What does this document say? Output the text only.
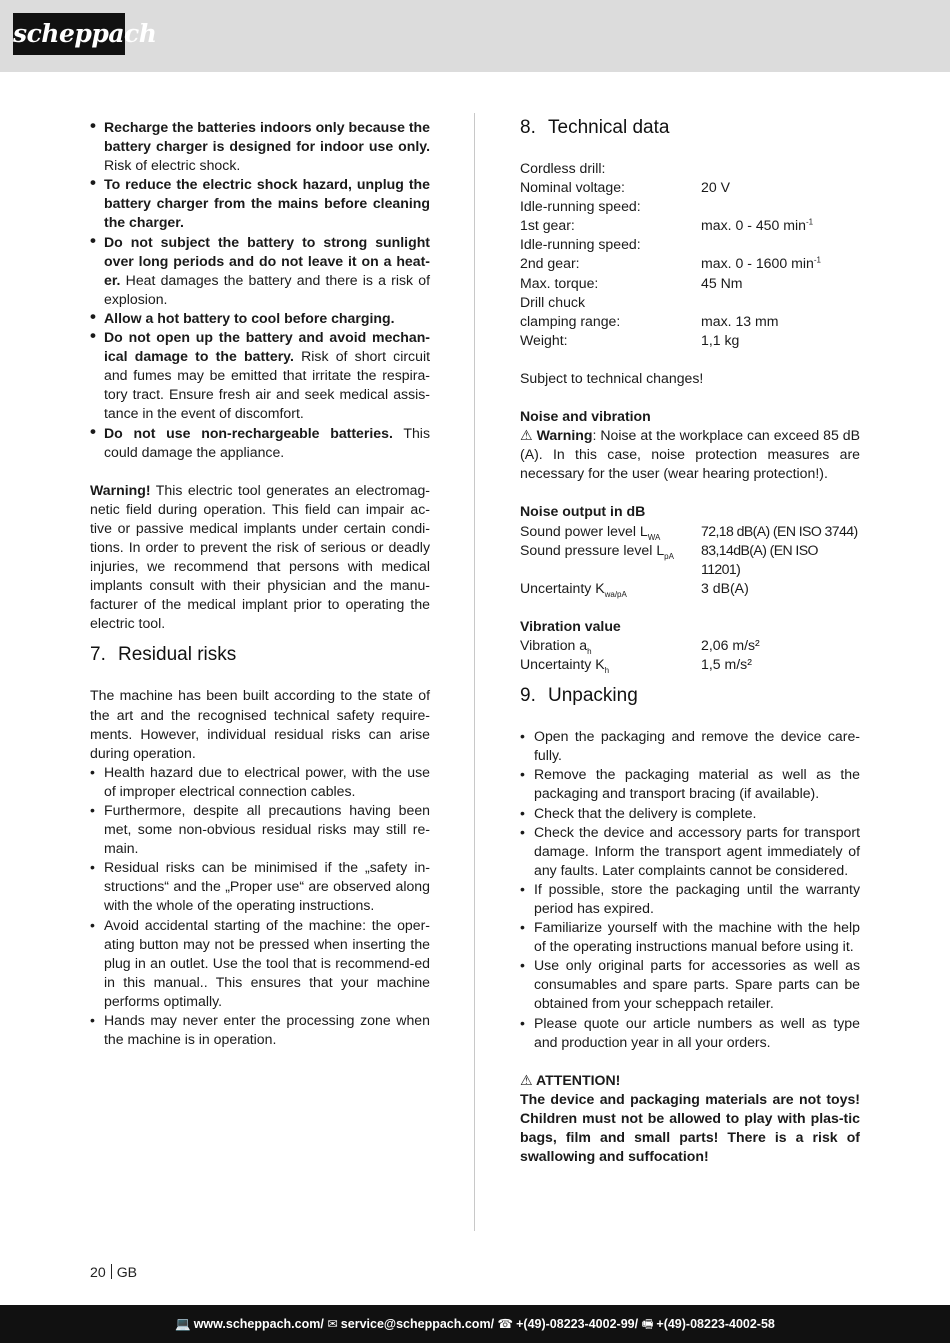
scheppach
• Recharge the batteries indoors only because the battery charger is designed for indoor use only. Risk of electric shock.
• To reduce the electric shock hazard, unplug the battery charger from the mains before cleaning the charger.
• Do not subject the battery to strong sunlight over long periods and do not leave it on a heat-er. Heat damages the battery and there is a risk of explosion.
• Allow a hot battery to cool before charging.
• Do not open up the battery and avoid mechan-ical damage to the battery. Risk of short circuit and fumes may be emitted that irritate the respira-tory tract. Ensure fresh air and seek medical assis-tance in the event of discomfort.
• Do not use non-rechargeable batteries. This could damage the appliance.

Warning! This electric tool generates an electromag-netic field during operation. This field can impair ac-tive or passive medical implants under certain condi-tions. In order to prevent the risk of serious or deadly injuries, we recommend that persons with medical implants consult with their physician and the manu-facturer of the medical implant prior to operating the electric tool.

7. Residual risks

The machine has been built according to the state of the art and the recognised technical safety require-ments. However, individual residual risks can arise during operation.

• Health hazard due to electrical power, with the use of improper electrical connection cables.
• Furthermore, despite all precautions having been met, some non-obvious residual risks may still re-main.
• Residual risks can be minimised if the „safety in-structions“ and the „Proper use“ are observed along with the whole of the operating instructions.
• Avoid accidental starting of the machine: the oper-ating button may not be pressed when inserting the plug in an outlet. Use the tool that is recommend-ed in this manual.. This ensures that your machine performs optimally.
• Hands may never enter the processing zone when the machine is in operation.
8. Technical data
Cordless drill:	
Nominal voltage:	20 V
Idle-running speed:	
1st gear:	max. 0 - 450 $\min^{-1}$
Idle-running speed:	
2nd gear:	max. 0 - 1600 $\min^{-1}$
Max. torque:	45 Nm
Drill chuck	
clamping range:	max. 13 mm
Weight:	1,1 kg

Subject to technical changes!

Noise and vibration

⚠ Warning: Noise at the workplace can exceed 85 dB (A). In this case, noise protection measures are necessary for the user (wear hearing protection!).

Noise output in dB
Sound power level $L_{WA}$	72,18 dB(A) (EN ISO 3744)
Sound pressure level $L_{pA}$	83,14dB(A) (EN ISO 11201)
Uncertainty $K_{wa/pA}$	3 dB(A)
Vibration value
Vibration $a_h$	2,06 m/s²
Uncertainty $K_h$	1,5 m/s²
9. Unpacking
• Open the packaging and remove the device care-fully.
• Remove the packaging material as well as the packaging and transport bracing (if available).
• Check that the delivery is complete.
• Check the device and accessory parts for transport damage. Inform the transport agent immediately of any faults. Later complaints cannot be considered.
• If possible, store the packaging until the warranty period has expired.
• Familiarize yourself with the machine with the help of the operating instructions manual before using it.
• Use only original parts for accessories as well as consumables and spare parts. Spare parts can be obtained from your scheppach retailer.
• Please quote our article numbers as well as type and production year in all your orders.
⚠ ATTENTION!

The device and packaging materials are not toys! Children must not be allowed to play with plas-tic bags, film and small parts! There is a risk of swallowing and suffocation!

20 GB
💻 www.scheppach.com/ ✉ service@scheppach.com/ ☎ +(49)-08223-4002-99/ 🖷 +(49)-08223-4002-58
